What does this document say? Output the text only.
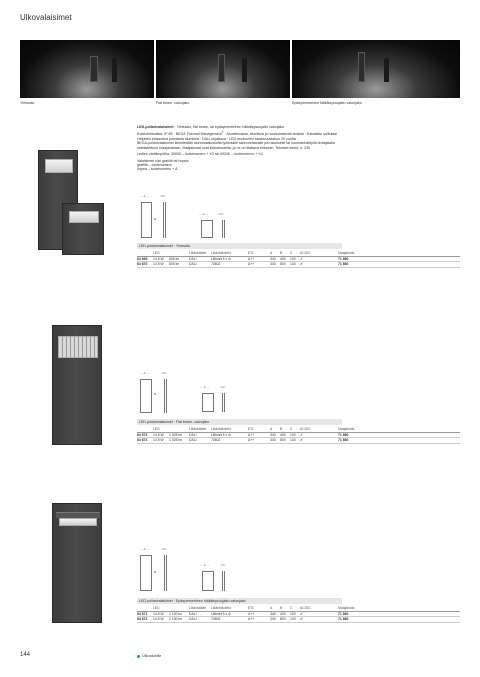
Ulkovalaisimet
Yleisvalo	Flat beam -valonjako	Epäsymmetrinen häikäisysuojattu valonjako
LED-pollarivalaisimet · Yleisvalo, flat beam- tai epäsymmetrinen häikäisysuojattu valonjako
Kotelointiluokka: IP 65 · BEGA Thermal Management® · Alumiinivalua, alumiinia ja ruostumatonta terästä · Kalvalistu sulkulasi
Heijastin eloksoitua puhdasta alumiinia · DALI-ohjattava · LED-moduulien saatavuustakuu 20 vuotta
BEGA-pollarivalaisimet kiinnitetään asennusalustoilla työmaalle rakennettavalle perustukselle tai kuumasinkittyllä teräsjalalla
valmistettuun maajalustaan. Maajalustat ovat lisävarusteita, ja ne on tilattava erikseen. Tekniset tiedot, s. 230
Ledien värilämpötila: 3000K – tuotenumero + K3 tai 4000K – tuotenumero + K4
Valaisimen väri grafiitti tai hopea
grafiitti – tuotenumero
hopea – tuotenumero + A
← A →	<C>
B
← A →	<C>
LED-pollarivalaisimet · Yleisvalo
	LED		Liitäntälaite	Liitäntäkotelo	ETL	A	B	C	AC/DC	Maajalusta
84 669	14,5 W	605 lm	DALI	Liitimet 5 x 4²	A++	340	400	100	✔	71 860
84 670	14,5 W	605 lm	DALI	70602	A++	340	800	100	✔	71 860
← A →	<C>
B
← A →	<C>
LED-pollarivalaisimet · Flat beam -valonjako
	LED		Liitäntälaite	Liitäntäkotelo	ETL	A	B	C	AC/DC	Maajalusta
84 673	14,5 W	1 025 lm	DALI	Liitimet 5 x 4²	A++	340	400	100	✔	71 860
84 674	14,5 W	1 025 lm	DALI	70602	A++	340	800	100	✔	71 860
← A →	<C>
B
← A →	<C>
LED-pollarivalaisimet · Epäsymmetrinen häikäisysuojattu valonjako
	LED		Liitäntälaite	Liitäntäkotelo	ETL	A	B	C	AC/DC	Maajalusta
84 671	14,5 W	1 100 lm	DALI	Liitimet 5 x 4²	A++	340	400	100	✔	71 860
84 672	14,5 W	1 100 lm	DALI	70602	A++	340	800	100	✔	71 860
144	Ulkoalueille
